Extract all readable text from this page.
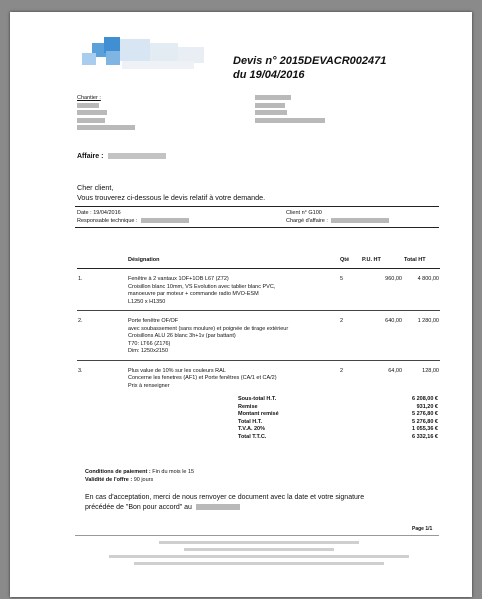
Devis n° 2015DEVACR002471
du 19/04/2016
Chantier :
Affaire :
Cher client,
Vous trouverez ci-dessous le devis relatif à votre demande.
Date : 19/04/2016
Responsable technique :
Client n° G100
Chargé d'affaire :
	Désignation	Qté	P.U. HT	Total HT
1.	Fenêtre à 2 vantaux 1OF+1OB L67 (Z72)
Croisillon blanc 10mm, VS Evolution avec tablier blanc PVC,
manoeuvre par moteur + commande radio MVO-ESM
L1250 x H1350	5	960,00	4 800,00
2.	Porte fenêtre OF/OF
avec soubassement (sans moulure) et poignée de tirage extérieur
Croisillons ALU 26 blanc 3h+1v (par battant)
T70: LT66 (Z176)
Dim: 1250x2150	2	640,00	1 280,00
3.	Plus value de 10% sur les couleurs RAL
Concerne les fenetres (AF1) et Porte fenêtres (CA/1 et CA/2)
Prix à renseigner	2	64,00	128,00
Sous-total H.T.	6 208,00 €
Remise	931,20 €
Montant remisé	5 276,80 €
Total H.T.	5 276,80 €
T.V.A. 20%	1 055,36 €
Total T.T.C.	6 332,16 €
Conditions de paiement : Fin du mois le 15
Validité de l'offre : 90 jours
En cas d'acceptation, merci de nous renvoyer ce document avec la date et votre signature
précédée de "Bon pour accord" au
Page 1/1
